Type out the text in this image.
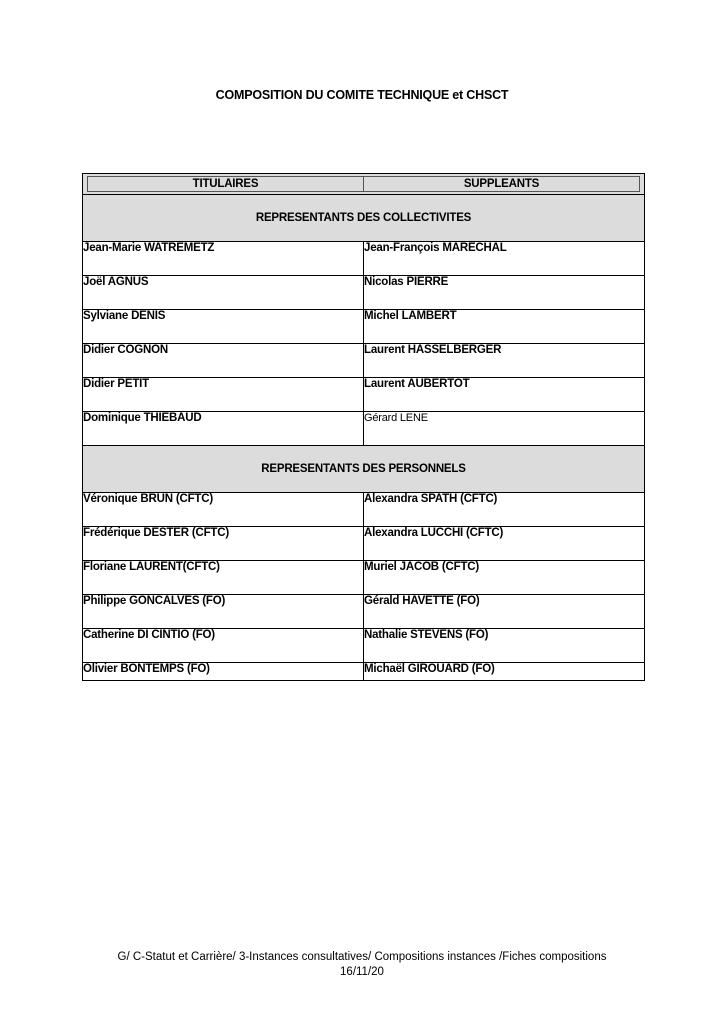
COMPOSITION DU COMITE TECHNIQUE et CHSCT
TITULAIRES SUPPLEANTS	

REPRESENTANTS DES COLLECTIVITES	
Jean-Marie WATREMETZ	Jean-François MARECHAL
Joël AGNUS	Nicolas PIERRE
Sylviane DENIS	Michel LAMBERT
Didier COGNON	Laurent HASSELBERGER
Didier PETIT	Laurent AUBERTOT
Dominique THIEBAUD	Gérard LENE
REPRESENTANTS DES PERSONNELS	
Véronique BRUN (CFTC)	Alexandra SPATH (CFTC)
Frédérique DESTER (CFTC)	Alexandra LUCCHI (CFTC)
Floriane LAURENT(CFTC)	Muriel JACOB (CFTC)
Philippe GONCALVES (FO)	Gérald HAVETTE (FO)
Catherine DI CINTIO (FO)	Nathalie STEVENS (FO)
Olivier BONTEMPS (FO)	Michaël GIROUARD (FO)
G/ C-Statut et Carrière/ 3-Instances consultatives/ Compositions instances /Fiches compositions
16/11/20
